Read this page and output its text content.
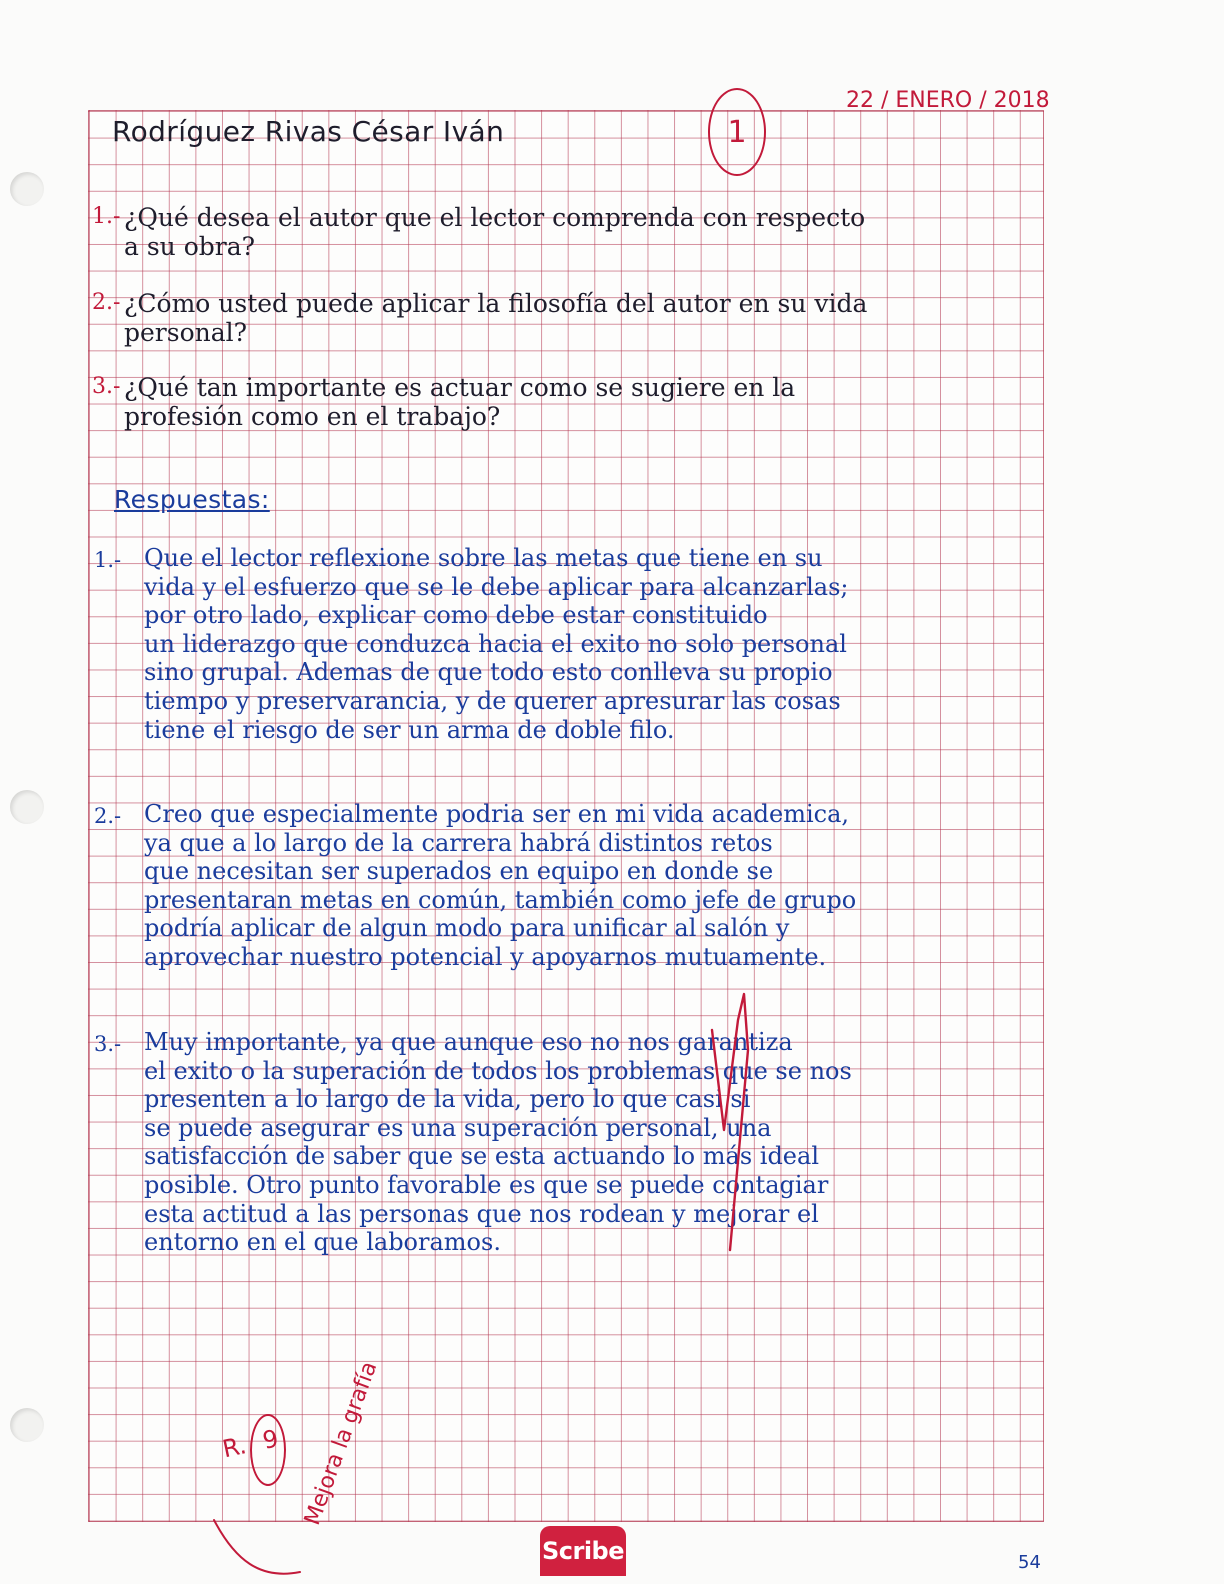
22 / ENERO / 2018
Rodríguez Rivas César Iván	1
1.- ¿Qué desea el autor que el lector comprenda con respecto
a su obra?
2.- ¿Cómo usted puede aplicar la filosofía del autor en su vida
personal?
3.- ¿Qué tan importante es actuar como se sugiere en la
profesión como en el trabajo?
Respuestas:
1.- Que el lector reflexione sobre las metas que tiene en su
vida y el esfuerzo que se le debe aplicar para alcanzarlas;
por otro lado, explicar como debe estar constituido
un liderazgo que conduzca hacia el exito no solo personal
sino grupal. Ademas de que todo esto conlleva su propio
tiempo y preservarancia, y de querer apresurar las cosas
tiene el riesgo de ser un arma de doble filo.
2.- Creo que especialmente podria ser en mi vida academica,
ya que a lo largo de la carrera habrá distintos retos
que necesitan ser superados en equipo en donde se
presentaran metas en común, también como jefe de grupo
podría aplicar de algun modo para unificar al salón y
aprovechar nuestro potencial y apoyarnos mutuamente.
3.- Muy importante, ya que aunque eso no nos garantiza
el exito o la superación de todos los problemas que se nos
presenten a lo largo de la vida, pero lo que casi si
se puede asegurar es una superación personal, una
satisfacción de saber que se esta actuando lo más ideal
posible. Otro punto favorable es que se puede contagiar
esta actitud a las personas que nos rodean y mejorar el
entorno en el que laboramos.
R. 9 Mejora la grafía
Scribe	54
